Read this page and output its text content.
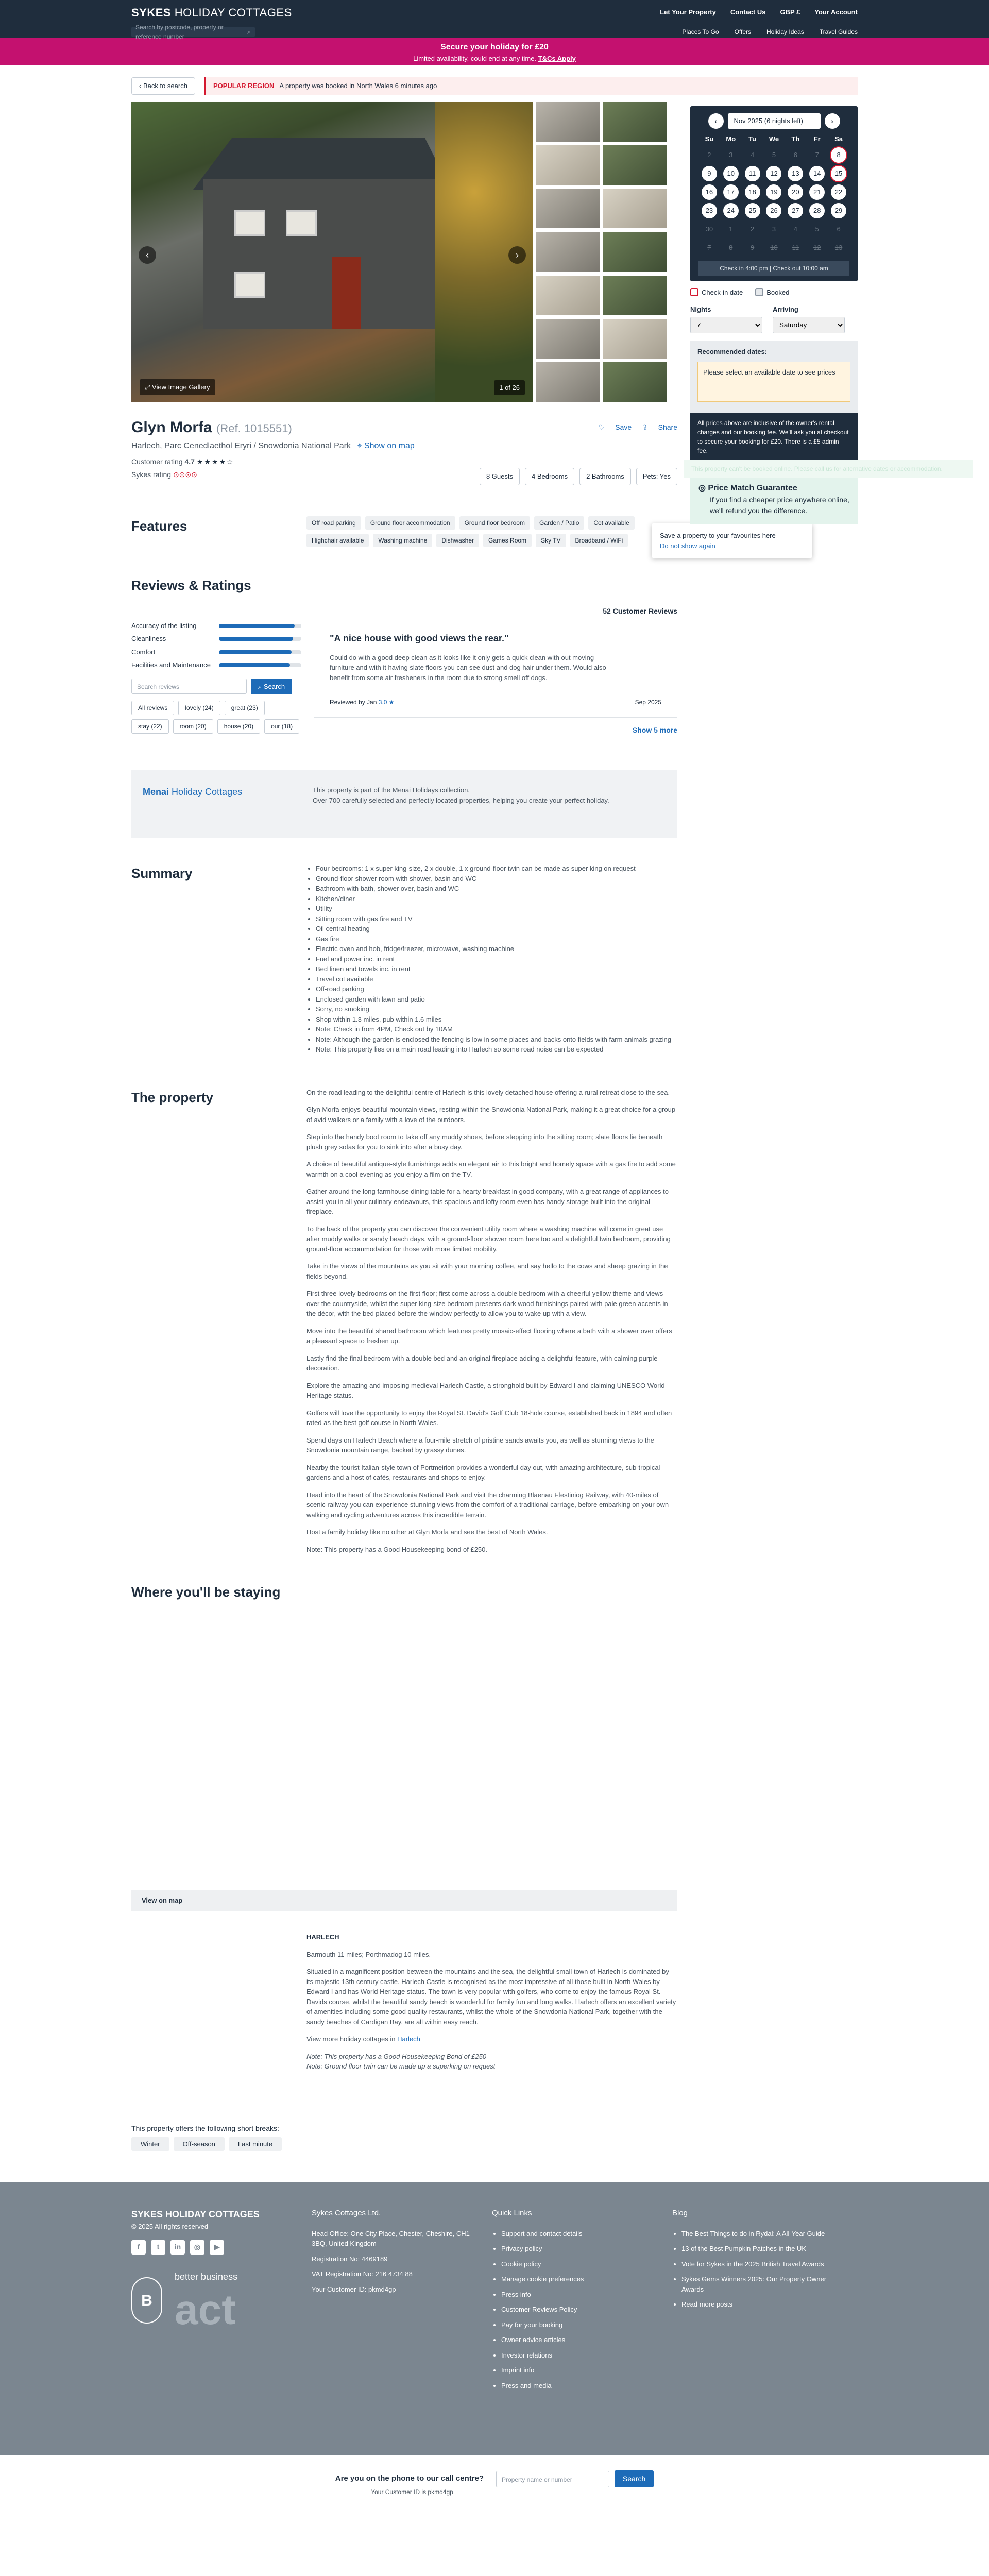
SYKES HOLIDAY COTTAGES	Let Your Property Contact Us GBP £ Your Account
Search by postcode, property or reference number
⌕	Places To Go	Offers	Holiday Ideas	Travel Guides
Secure your holiday for £20
Limited availability, could end at any time. T&Cs Apply
‹ Back to search	POPULAR REGION A property was booked in North Wales 6 minutes ago
‹	›
⤢ View Image Gallery	1 of 26
Glyn Morfa (Ref. 1015551)	♡ Save ⇪ Share
Harlech, Parc Cenedlaethol Eryri / Snowdonia National Park ⌖ Show on map
Customer rating 4.7 ★★★★☆
Sykes rating ⊙⊙⊙⊙	8 Guests	4 Bedrooms	2 Bathrooms	Pets: Yes
Save a property to your favourites here
Do not show again
‹	Nov 2025 (6 nights left)	›
Su	Mo	Tu	We	Th	Fr	Sa
2	3	4	5	6	7	8
9	10	11	12	13	14	15
16	17	18	19	20	21	22
23	24	25	26	27	28	29
30	1	2	3	4	5	6
7	8	9	10	11	12	13
Check in 4:00 pm | Check out 10:00 am
Check-in date	Booked
Nights
7	Arriving
Saturday
Recommended dates:
Please select an available date to see prices
All prices above are inclusive of the owner's rental charges and our booking fee. We'll ask you at checkout to secure your booking for £20. There is a £5 admin fee.
◎ Price Match Guarantee
If you find a cheaper price anywhere online, we'll refund you the difference.
Features	Off road parking	Ground floor accommodation	Ground floor bedroom	Garden / Patio	Cot available
Highchair available	Washing machine	Dishwasher	Games Room	Sky TV	Broadband / WiFi
Reviews & Ratings
52 Customer Reviews
Accuracy of the listing
Cleanliness
Comfort
Facilities and Maintenance
Search reviews	⌕ Search
All reviews	lovely (24)	great (23)
stay (22)	room (20)	house (20)	our (18)
"A nice house with good views the rear."

Could do with a good deep clean as it looks like it only gets a quick clean with out moving furniture and with it having slate floors you can see dust and dog hair under them. Would also benefit from some air fresheners in the room due to strong smell off dogs.

Reviewed by Jan 3.0 ★	Sep 2025
Show 5 more
Menai Holiday Cottages	This property is part of the Menai Holidays collection.
Over 700 carefully selected and perfectly located properties, helping you create your perfect holiday.
Summary
•	Four bedrooms: 1 x super king-size, 2 x double, 1 x ground-floor twin can be made as super king on request
• Ground-floor shower room with shower, basin and WC
• Bathroom with bath, shower over, basin and WC
• Kitchen/diner
• Utility
• Sitting room with gas fire and TV
• Oil central heating
• Gas fire
• Electric oven and hob, fridge/freezer, microwave, washing machine
• Fuel and power inc. in rent
• Bed linen and towels inc. in rent
• Travel cot available
• Off-road parking
• Enclosed garden with lawn and patio
• Sorry, no smoking
• Shop within 1.3 miles, pub within 1.6 miles
• Note: Check in from 4PM, Check out by 10AM
• Note: Although the garden is enclosed the fencing is low in some places and backs onto fields with farm animals grazing
• Note: This property lies on a main road leading into Harlech so some road noise can be expected
The property	On the road leading to the delightful centre of Harlech is this lovely detached house offering a rural retreat close to the sea.

Glyn Morfa enjoys beautiful mountain views, resting within the Snowdonia National Park, making it a great choice for a group of avid walkers or a family with a love of the outdoors.

Step into the handy boot room to take off any muddy shoes, before stepping into the sitting room; slate floors lie beneath plush grey sofas for you to sink into after a busy day.

A choice of beautiful antique-style furnishings adds an elegant air to this bright and homely space with a gas fire to add some warmth on a cool evening as you enjoy a film on the TV.

Gather around the long farmhouse dining table for a hearty breakfast in good company, with a great range of appliances to assist you in all your culinary endeavours, this spacious and lofty room even has handy storage built into the original fireplace.

To the back of the property you can discover the convenient utility room where a washing machine will come in great use after muddy walks or sandy beach days, with a ground-floor shower room here too and a delightful twin bedroom, providing ground-floor accommodation for those with more limited mobility.

Take in the views of the mountains as you sit with your morning coffee, and say hello to the cows and sheep grazing in the fields beyond.

First three lovely bedrooms on the first floor; first come across a double bedroom with a cheerful yellow theme and views over the countryside, whilst the super king-size bedroom presents dark wood furnishings paired with pale green accents in the décor, with the bed placed before the window perfectly to allow you to wake up with a view.

Move into the beautiful shared bathroom which features pretty mosaic-effect flooring where a bath with a shower over offers a pleasant space to freshen up.

Lastly find the final bedroom with a double bed and an original fireplace adding a delightful feature, with calming purple decoration.

Explore the amazing and imposing medieval Harlech Castle, a stronghold built by Edward I and claiming UNESCO World Heritage status.

Golfers will love the opportunity to enjoy the Royal St. David's Golf Club 18-hole course, established back in 1894 and often rated as the best golf course in North Wales.

Spend days on Harlech Beach where a four-mile stretch of pristine sands awaits you, as well as stunning views to the Snowdonia mountain range, backed by grassy dunes.

Nearby the tourist Italian-style town of Portmeirion provides a wonderful day out, with amazing architecture, sub-tropical gardens and a host of cafés, restaurants and shops to enjoy.

Head into the heart of the Snowdonia National Park and visit the charming Blaenau Ffestiniog Railway, with 40-miles of scenic railway you can experience stunning views from the comfort of a traditional carriage, before embarking on your own walking and cycling adventures across this incredible terrain.

Host a family holiday like no other at Glyn Morfa and see the best of North Wales.

Note: This property has a Good Housekeeping bond of £250.

Where you'll be staying
View on map
HARLECH

Barmouth 11 miles; Porthmadog 10 miles.

Situated in a magnificent position between the mountains and the sea, the delightful small town of Harlech is dominated by its majestic 13th century castle. Harlech Castle is recognised as the most impressive of all those built in North Wales by Edward I and has World Heritage status. The town is very popular with golfers, who come to enjoy the famous Royal St. Davids course, whilst the beautiful sandy beach is wonderful for family fun and long walks. Harlech offers an excellent variety of amenities including some good quality restaurants, whilst the whole of the Snowdonia National Park, together with the sandy beaches of Cardigan Bay, are all within easy reach.

View more holiday cottages in Harlech

Note: This property has a Good Housekeeping Bond of £250

Note: Ground floor twin can be made up a superking on request

This property offers the following short breaks:
Winter	Off-season	Last minute
This property can't be booked online. Please call us for alternative dates or accommodation.
SYKES HOLIDAY COTTAGES
© 2025 All rights reserved
f	t	in	◎	▶
B
better business
act
Sykes Cottages Ltd.
Head Office: One City Place, Chester, Cheshire, CH1 3BQ, United Kingdom
Registration No: 4469189
VAT Registration No: 216 4734 88
Your Customer ID: pkmd4gp
Quick Links
• Support and contact details
• Privacy policy
• Cookie policy
• Manage cookie preferences
• Press info
• Customer Reviews Policy
• Pay for your booking
• Owner advice articles
• Investor relations
• Imprint info
• Press and media
Blog
• The Best Things to do in Rydal: A All-Year Guide
• 13 of the Best Pumpkin Patches in the UK
• Vote for Sykes in the 2025 British Travel Awards
• Sykes Gems Winners 2025: Our Property Owner Awards
• Read more posts
Are you on the phone to our call centre?	Property name or number	Search
Your Customer ID is pkmd4gp
